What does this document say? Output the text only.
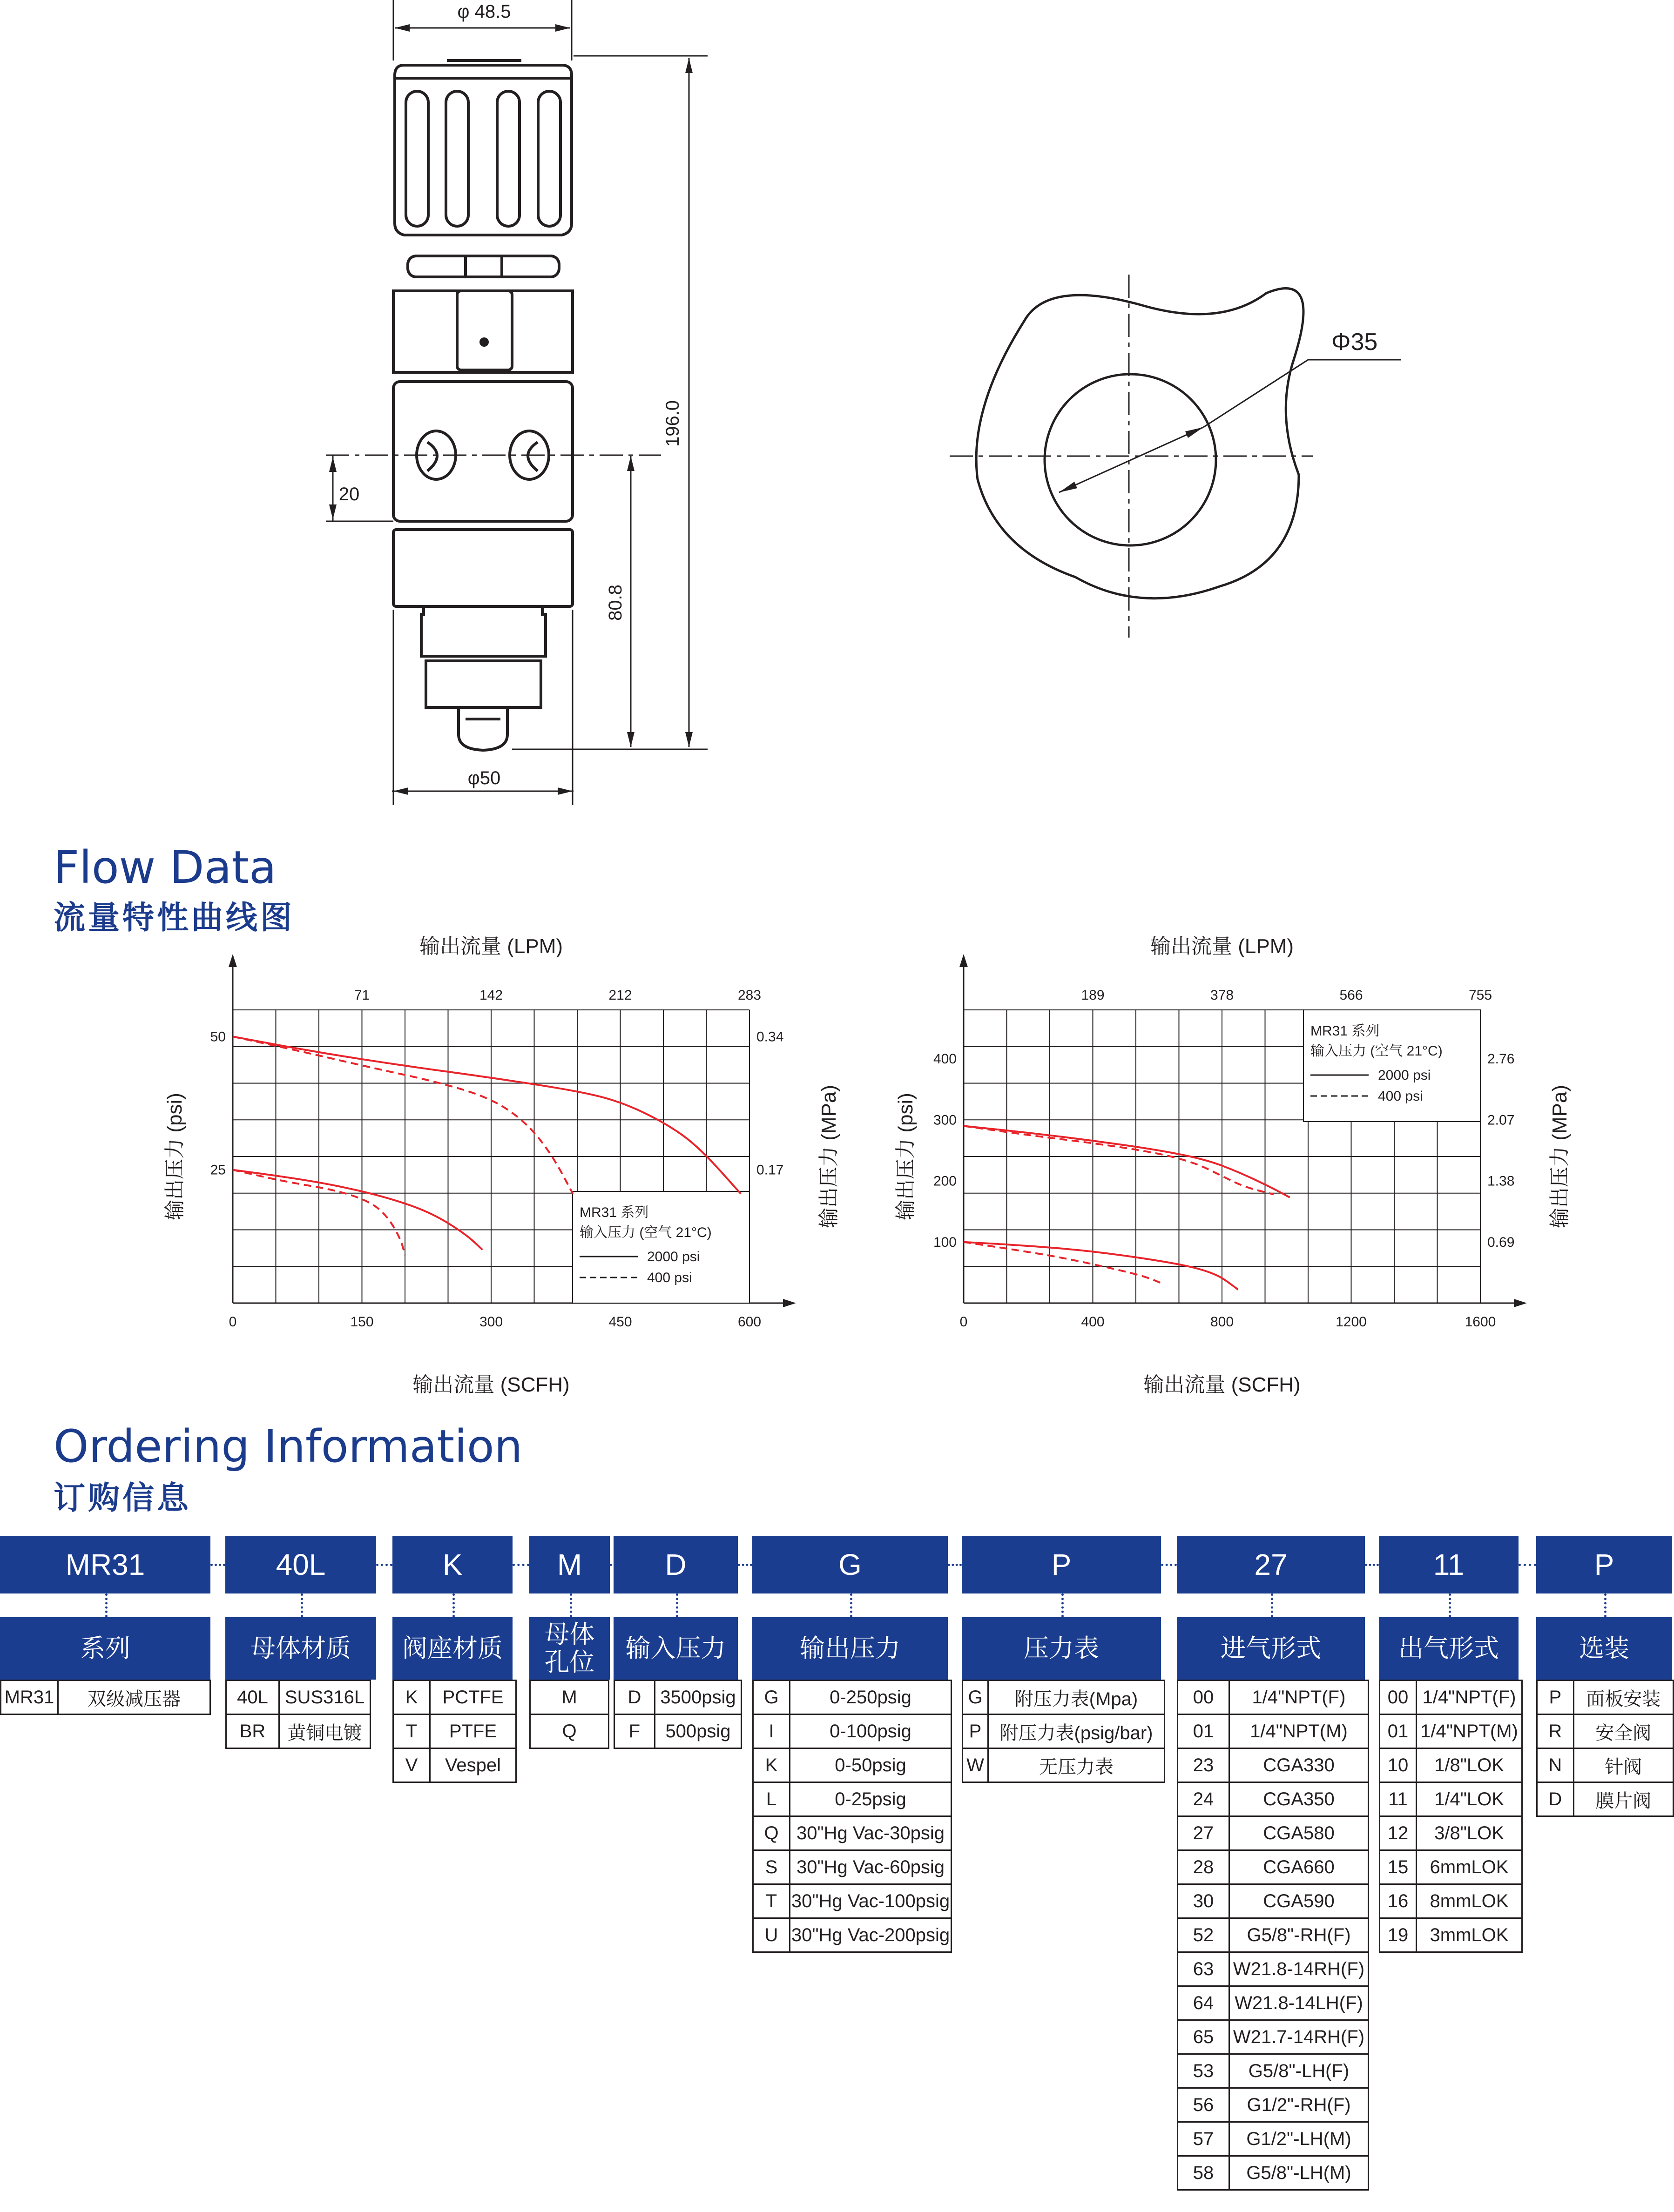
φ 48.5
φ50
196.0
80.8
20
Φ35
Flow Data
流量特性曲线图
0	150	300	450	600
71	142	212	283
25
50
0.17
0.34
输出流量 (LPM)
输出流量 (SCFH)
输出压力 (psi)	输出压力 (MPa)
MR31 系列
输入压力 (空气 21°C)
2000 psi
400 psi
0	400	800	1200	1600
189	378	566	755
100
200
300
400
0.69
1.38
2.07
2.76
输出流量 (LPM)
输出流量 (SCFH)
输出压力 (psi)	输出压力 (MPa)
MR31 系列
输入压力 (空气 21°C)
2000 psi
400 psi
Ordering Information
订购信息
MR31
系列
MR31	双级减压器
40L
母体材质
40L	SUS316L
BR	黄铜电镀
K
阀座材质
K	PCTFE
T	PTFE
V	Vespel
M
母体
孔位
M
Q
D
输入压力
D	3500psig
F	500psig
G
输出压力
G	0-250psig
I	0-100psig
K	0-50psig
L	0-25psig
Q	30"Hg Vac-30psig
S	30"Hg Vac-60psig
T	30"Hg Vac-100psig
U	30"Hg Vac-200psig
P
压力表
G	附压力表(Mpa)
P	附压力表(psig/bar)
W	无压力表
27
进气形式
00	1/4"NPT(F)
01	1/4"NPT(M)
23	CGA330
24	CGA350
27	CGA580
28	CGA660
30	CGA590
52	G5/8"-RH(F)
63	W21.8-14RH(F)
64	W21.8-14LH(F)
65	W21.7-14RH(F)
53	G5/8"-LH(F)
56	G1/2"-RH(F)
57	G1/2"-LH(M)
58	G5/8"-LH(M)
11
出气形式
00	1/4"NPT(F)
01	1/4"NPT(M)
10	1/8"LOK
11	1/4"LOK
12	3/8"LOK
15	6mmLOK
16	8mmLOK
19	3mmLOK
P
选装
P	面板安装
R	安全阀
N	针阀
D	膜片阀
